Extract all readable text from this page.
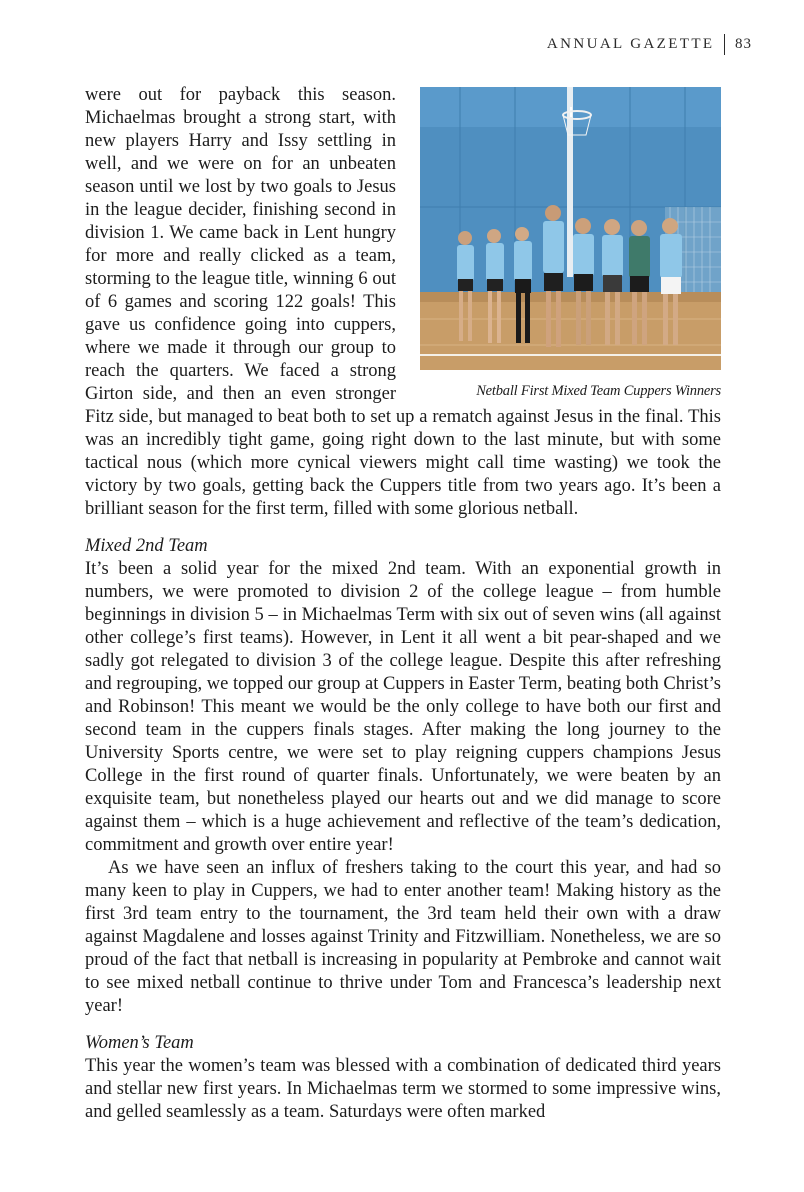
ANNUAL GAZETTE 83
Netball First Mixed Team Cuppers Winners

were out for payback this season. Michaelmas brought a strong start, with new players Harry and Issy settling in well, and we were on for an unbeaten season until we lost by two goals to Jesus in the league decider, finishing second in division 1. We came back in Lent hungry for more and really clicked as a team, storming to the league title, winning 6 out of 6 games and scoring 122 goals! This gave us confidence going into cuppers, where we made it through our group to reach the quarters. We faced a strong Girton side, and then an even stronger Fitz side, but managed to beat both to set up a rematch against Jesus in the final. This was an incredibly tight game, going right down to the last minute, but with some tactical nous (which more cynical viewers might call time wasting) we took the victory by two goals, getting back the Cuppers title from two years ago. It’s been a brilliant season for the first term, filled with some glorious netball.

Mixed 2nd Team

It’s been a solid year for the mixed 2nd team. With an exponential growth in numbers, we were promoted to division 2 of the college league – from humble beginnings in division 5 – in Michaelmas Term with six out of seven wins (all against other college’s first teams). However, in Lent it all went a bit pear-shaped and we sadly got relegated to division 3 of the college league. Despite this after refreshing and regrouping, we topped our group at Cuppers in Easter Term, beating both Christ’s and Robinson! This meant we would be the only college to have both our first and second team in the cuppers finals stages. After making the long journey to the University Sports centre, we were set to play reigning cuppers champions Jesus College in the first round of quarter finals. Unfortunately, we were beaten by an exquisite team, but nonetheless played our hearts out and we did manage to score against them – which is a huge achievement and reflective of the team’s dedication, commitment and growth over entire year!

As we have seen an influx of freshers taking to the court this year, and had so many keen to play in Cuppers, we had to enter another team! Making history as the first 3rd team entry to the tournament, the 3rd team held their own with a draw against Magdalene and losses against Trinity and Fitzwilliam. Nonetheless, we are so proud of the fact that netball is increasing in popularity at Pembroke and cannot wait to see mixed netball continue to thrive under Tom and Francesca’s leadership next year!

Women’s Team

This year the women’s team was blessed with a combination of dedicated third years and stellar new first years. In Michaelmas term we stormed to some impressive wins, and gelled seamlessly as a team. Saturdays were often marked
